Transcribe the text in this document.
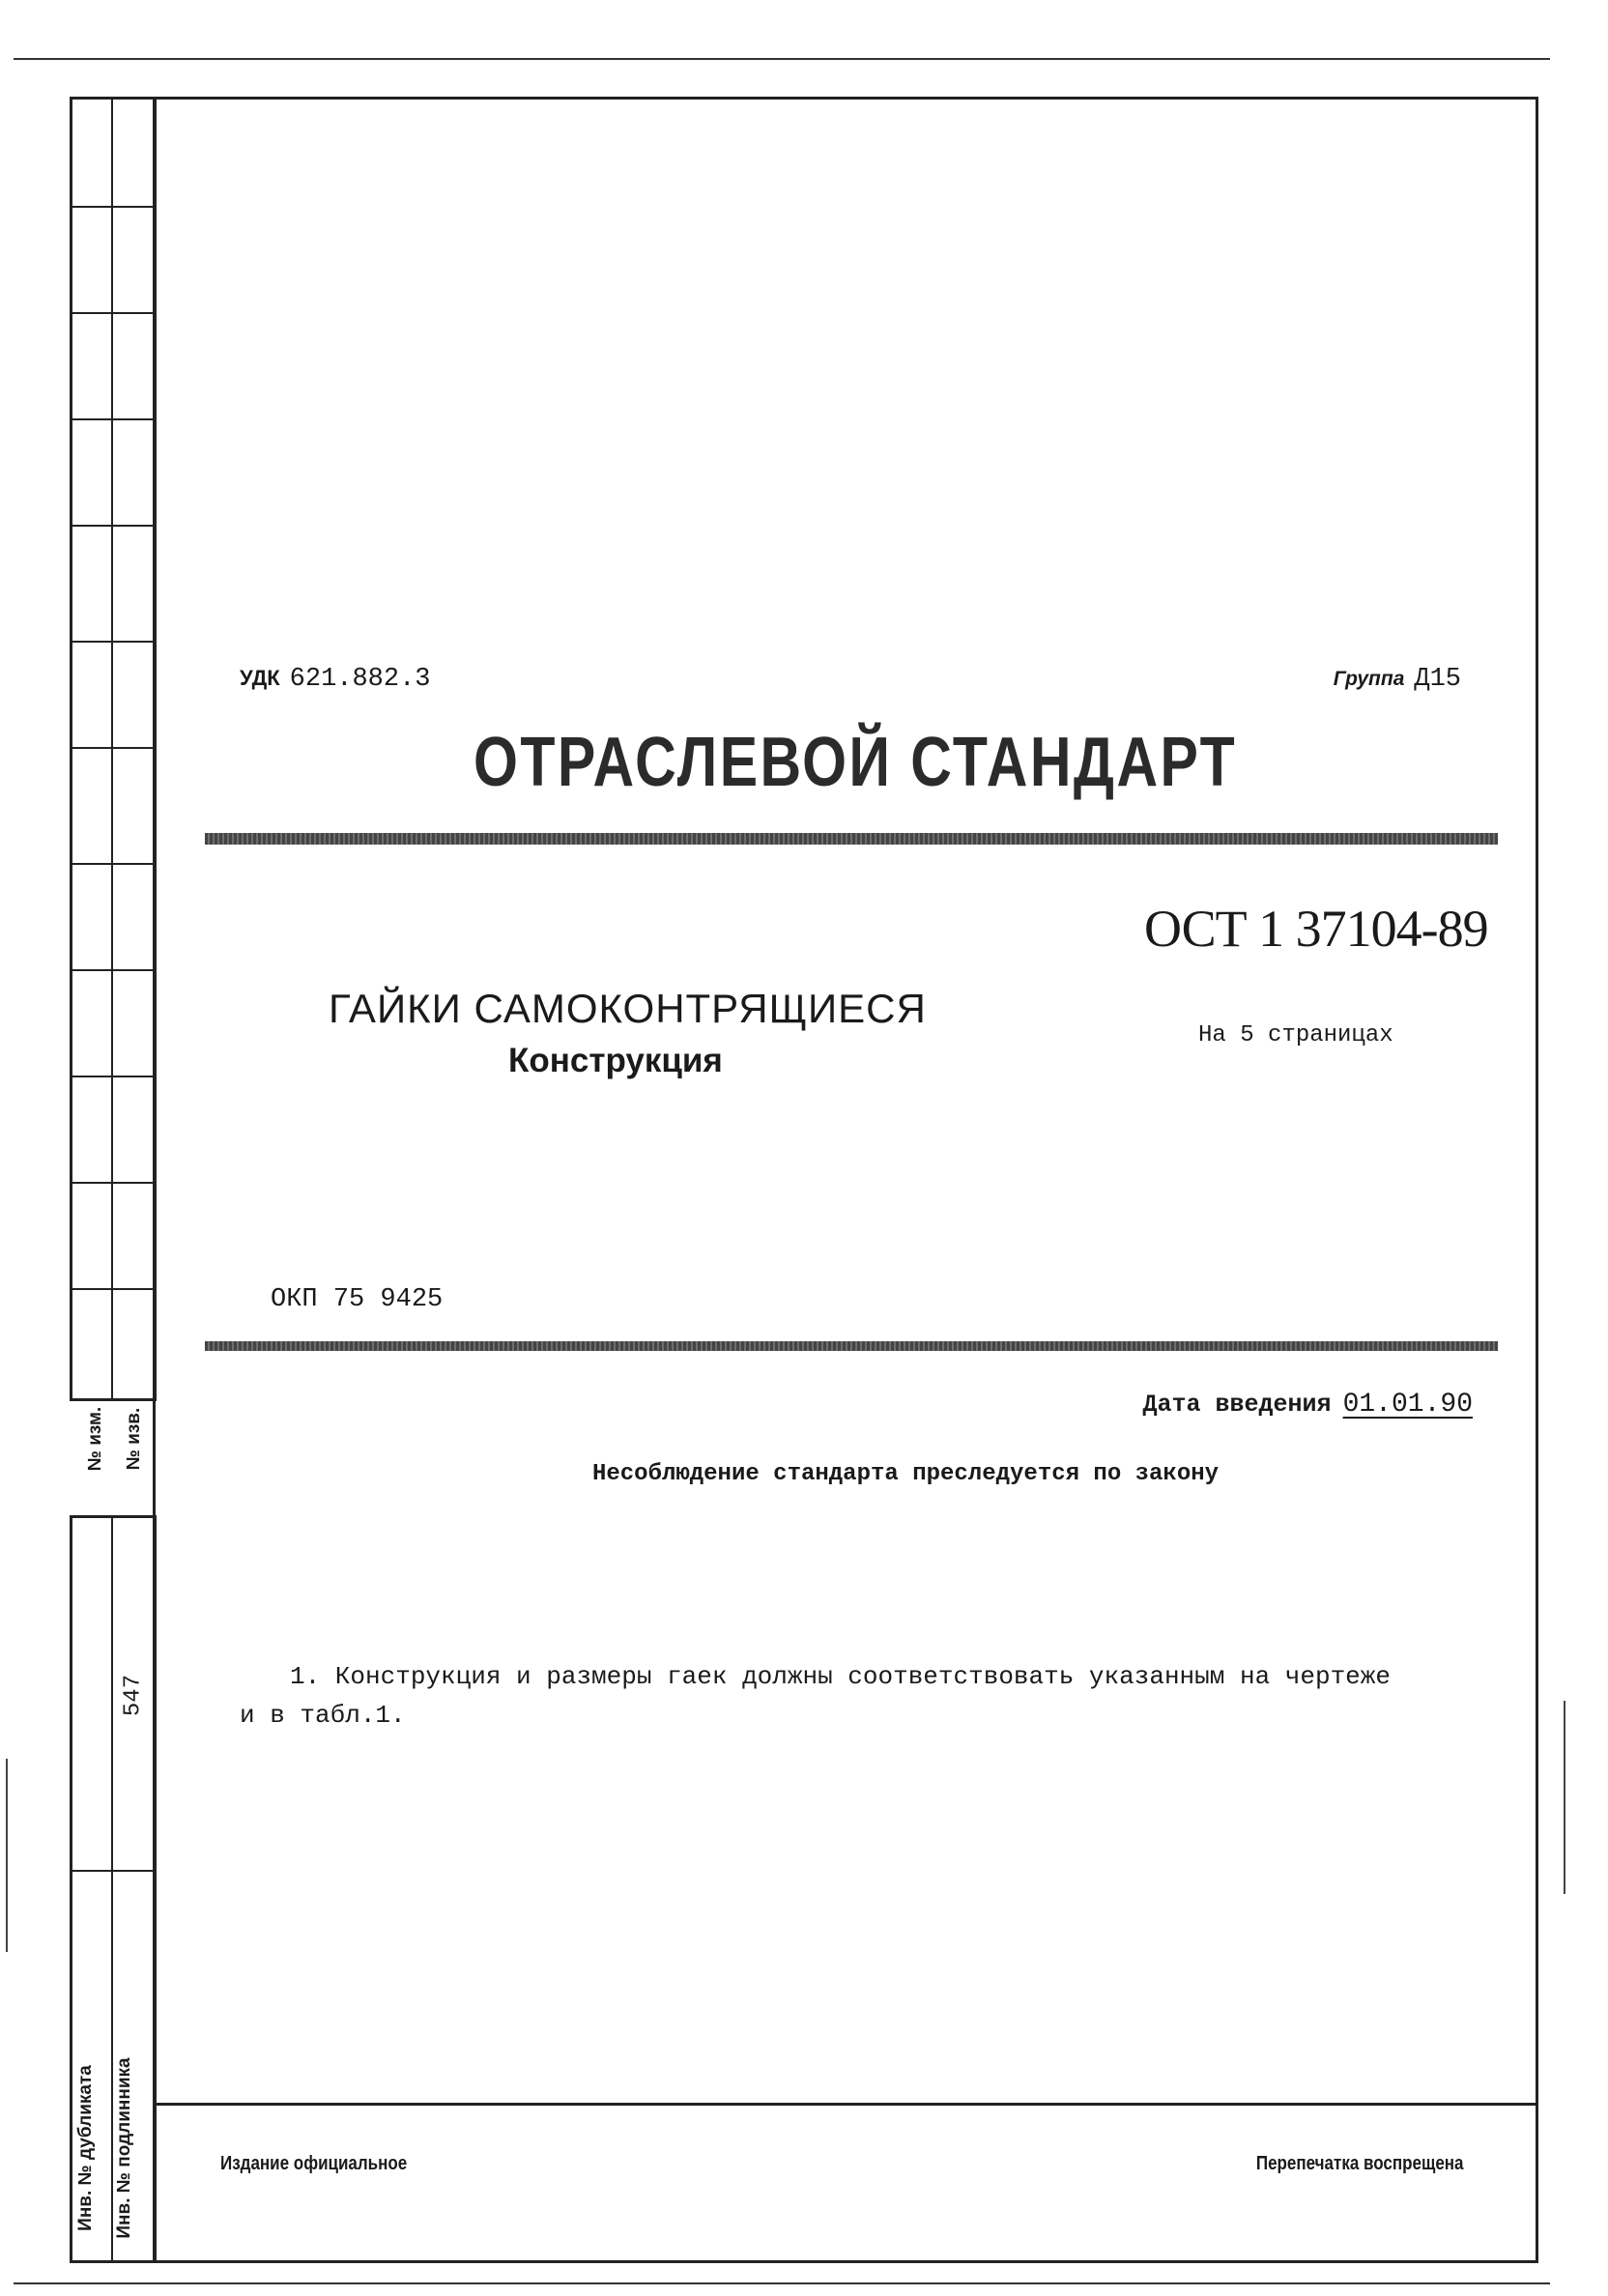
№ изм. № изв.
547
Инв. № дубликата Инв. № подлинника
УДК 621.882.3	Группа Д15
ОТРАСЛЕВОЙ СТАНДАРТ
ОСТ 1 37104-89
ГАЙКИ САМОКОНТРЯЩИЕСЯ
Конструкция
На 5 страницах
ОКП 75 9425
Дата введения 01.01.90
Несоблюдение стандарта преследуется по закону
1. Конструкция и размеры гаек должны соответствовать указанным на чертеже
и в табл.1.
Издание официальное	Перепечатка воспрещена
